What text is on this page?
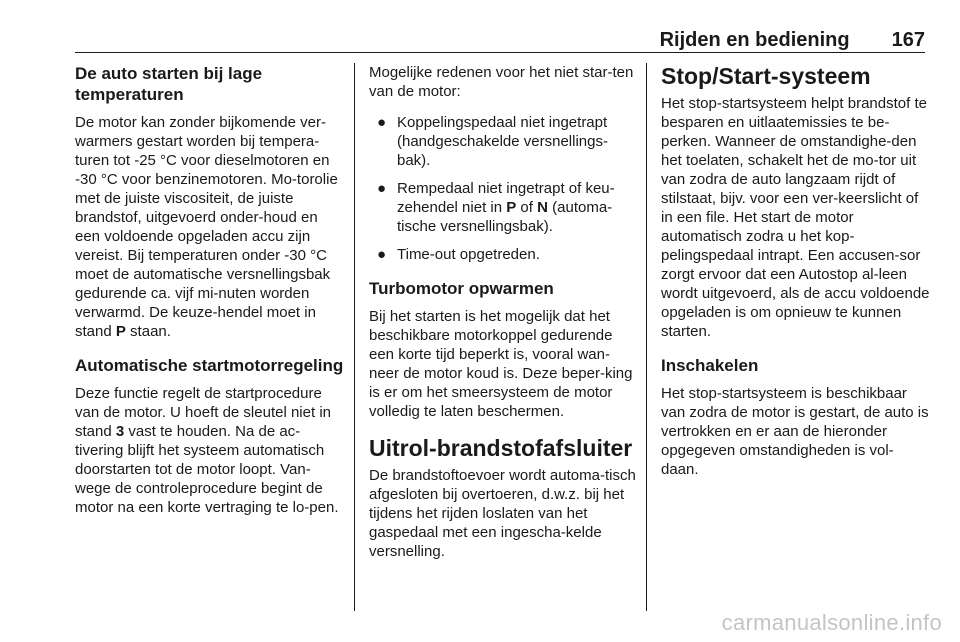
Rijden en bediening 167
De auto starten bij lage temperaturen

De motor kan zonder bijkomende ver-warmers gestart worden bij tempera-turen tot -25 °C voor dieselmotoren en -30 °C voor benzinemotoren. Mo-torolie met de juiste viscositeit, de juiste brandstof, uitgevoerd onder-houd en een voldoende opgeladen accu zijn vereist. Bij temperaturen onder -30 °C moet de automatische versnellingsbak gedurende ca. vijf mi-nuten worden verwarmd. De keuze-hendel moet in stand P staan.

Automatische startmotorregeling

Deze functie regelt de startprocedure van de motor. U hoeft de sleutel niet in stand 3 vast te houden. Na de ac-tivering blijft het systeem automatisch doorstarten tot de motor loopt. Van-wege de controleprocedure begint de motor na een korte vertraging te lo-pen.

Mogelijke redenen voor het niet star-ten van de motor:

● Koppelingspedaal niet ingetrapt (handgeschakelde versnellings-bak).
● Rempedaal niet ingetrapt of keu-zehendel niet in P of N (automa-tische versnellingsbak).
● Time-out opgetreden.
Turbomotor opwarmen

Bij het starten is het mogelijk dat het beschikbare motorkoppel gedurende een korte tijd beperkt is, vooral wan-neer de motor koud is. Deze beper-king is er om het smeersysteem de motor volledig te laten beschermen.

Uitrol-brandstofafsluiter

De brandstoftoevoer wordt automa-tisch afgesloten bij overtoeren, d.w.z. bij het tijdens het rijden loslaten van het gaspedaal met een ingescha-kelde versnelling.

Stop/Start-systeem

Het stop-startsysteem helpt brandstof te besparen en uitlaatemissies te be-perken. Wanneer de omstandighe-den het toelaten, schakelt het de mo-tor uit van zodra de auto langzaam rijdt of stilstaat, bijv. voor een ver-keerslicht of in een file. Het start de motor automatisch zodra u het kop-pelingspedaal intrapt. Een accusen-sor zorgt ervoor dat een Autostop al-leen wordt uitgevoerd, als de accu voldoende opgeladen is om opnieuw te kunnen starten.

Inschakelen

Het stop-startsysteem is beschikbaar van zodra de motor is gestart, de auto is vertrokken en er aan de hieronder opgegeven omstandigheden is vol-daan.

carmanualsonline.info
